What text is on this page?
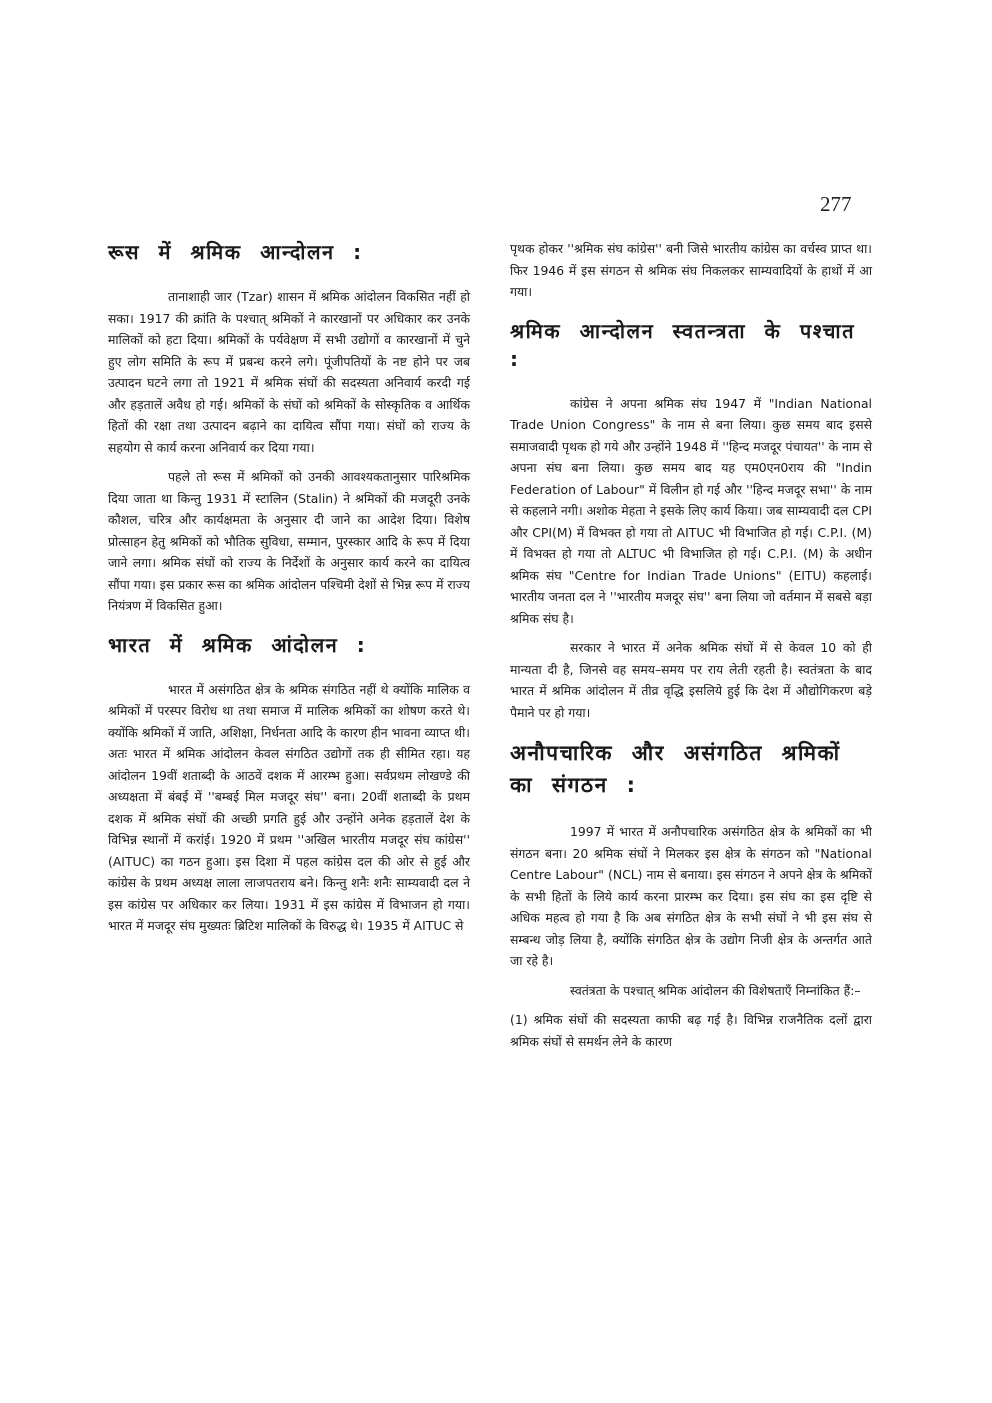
277
रूस में श्रमिक आन्दोलन :

तानाशाही जार (Tzar) शासन में श्रमिक आंदोलन विकसित नहीं हो सका। 1917 की क्रांति के पश्चात् श्रमिकों ने कारखानों पर अधिकार कर उनके मालिकों को हटा दिया। श्रमिकों के पर्यवेक्षण में सभी उद्योगों व कारखानों में चुने हुए लोग समिति के रूप में प्रबन्ध करने लगे। पूंजीपतियों के नष्ट होने पर जब उत्पादन घटने लगा तो 1921 में श्रमिक संघों की सदस्यता अनिवार्य करदी गई और हड़तालें अवैध हो गई। श्रमिकों के संघों को श्रमिकों के सोस्कृतिक व आर्थिक हितों की रक्षा तथा उत्पादन बढ़ाने का दायित्व सौंपा गया। संघों को राज्य के सहयोग से कार्य करना अनिवार्य कर दिया गया।

पहले तो रूस में श्रमिकों को उनकी आवश्यकतानुसार पारिश्रमिक दिया जाता था किन्तु 1931 में स्टालिन (Stalin) ने श्रमिकों की मजदूरी उनके कौशल, चरित्र और कार्यक्षमता के अनुसार दी जाने का आदेश दिया। विशेष प्रोत्साहन हेतु श्रमिकों को भौतिक सुविधा, सम्मान, पुरस्कार आदि के रूप में दिया जाने लगा। श्रमिक संघों को राज्य के निर्देशों के अनुसार कार्य करने का दायित्व सौंपा गया। इस प्रकार रूस का श्रमिक आंदोलन पश्चिमी देशों से भिन्न रूप में राज्य नियंत्रण में विकसित हुआ।

भारत में श्रमिक आंदोलन :

भारत में असंगठित क्षेत्र के श्रमिक संगठित नहीं थे क्योंकि मालिक व श्रमिकों में परस्पर विरोध था तथा समाज में मालिक श्रमिकों का शोषण करते थे। क्योंकि श्रमिकों में जाति, अशिक्षा, निर्धनता आदि के कारण हीन भावना व्याप्त थी। अतः भारत में श्रमिक आंदोलन केवल संगठित उद्योगों तक ही सीमित रहा। यह आंदोलन 19वीं शताब्दी के आठवें दशक में आरम्भ हुआ। सर्वप्रथम लोखण्डे की अध्यक्षता में बंबई में ''बम्बई मिल मजदूर संघ'' बना। 20वीं शताब्दी के प्रथम दशक में श्रमिक संघों की अच्छी प्रगति हुई और उन्होंने अनेक हड़तालें देश के विभिन्न स्थानों में करांई। 1920 में प्रथम ''अखिल भारतीय मजदूर संघ कांग्रेस'' (AITUC) का गठन हुआ। इस दिशा में पहल कांग्रेस दल की ओर से हुई और कांग्रेस के प्रथम अध्यक्ष लाला लाजपतराय बने। किन्तु शनैः शनैः साम्यवादी दल ने इस कांग्रेस पर अधिकार कर लिया। 1931 में इस कांग्रेस में विभाजन हो गया। भारत में मजदूर संघ मुख्यतः ब्रिटिश मालिकों के विरुद्ध थे। 1935 में AITUC से

पृथक होकर ''श्रमिक संघ कांग्रेस'' बनी जिसे भारतीय कांग्रेस का वर्चस्व प्राप्त था। फिर 1946 में इस संगठन से श्रमिक संघ निकलकर साम्यवादियों के हाथों में आ गया।

श्रमिक आन्दोलन स्वतन्त्रता के पश्चात :

कांग्रेस ने अपना श्रमिक संघ 1947 में "Indian National Trade Union Congress" के नाम से बना लिया। कुछ समय बाद इससे समाजवादी पृथक हो गये और उन्होंने 1948 में ''हिन्द मजदूर पंचायत'' के नाम से अपना संघ बना लिया। कुछ समय बाद यह एम0एन0राय की "Indin Federation of Labour" में विलीन हो गई और ''हिन्द मजदूर सभा'' के नाम से कहलाने नगी। अशोक मेहता ने इसके लिए कार्य किया। जब साम्यवादी दल CPI और CPI(M) में विभक्त हो गया तो AITUC भी विभाजित हो गई। C.P.I. (M) में विभक्त हो गया तो ALTUC भी विभाजित हो गई। C.P.I. (M) के अधीन श्रमिक संघ "Centre for Indian Trade Unions" (EITU) कहलाई। भारतीय जनता दल ने ''भारतीय मजदूर संघ'' बना लिया जो वर्तमान में सबसे बड़ा श्रमिक संघ है।

सरकार ने भारत में अनेक श्रमिक संघों में से केवल 10 को ही मान्यता दी है, जिनसे वह समय–समय पर राय लेती रहती है। स्वतंत्रता के बाद भारत में श्रमिक आंदोलन में तीव्र वृद्धि इसलिये हुई कि देश में औद्योगिकरण बड़े पैमाने पर हो गया।

अनौपचारिक और असंगठित श्रमिकों का संगठन :

1997 में भारत में अनौपचारिक असंगठित क्षेत्र के श्रमिकों का भी संगठन बना। 20 श्रमिक संघों ने मिलकर इस क्षेत्र के संगठन को "National Centre Labour" (NCL) नाम से बनाया। इस संगठन ने अपने क्षेत्र के श्रमिकों के सभी हितों के लिये कार्य करना प्रारम्भ कर दिया। इस संघ का इस दृष्टि से अधिक महत्व हो गया है कि अब संगठित क्षेत्र के सभी संघों ने भी इस संघ से सम्बन्ध जोड़ लिया है, क्योंकि संगठित क्षेत्र के उद्योग निजी क्षेत्र के अन्तर्गत आते जा रहे है।

स्वतंत्रता के पश्चात् श्रमिक आंदोलन की विशेषताएँ निम्नांकित हैं:–

(1) श्रमिक संघों की सदस्यता काफी बढ़ गई है। विभिन्न राजनैतिक दलों द्वारा श्रमिक संघों से समर्थन लेने के कारण
